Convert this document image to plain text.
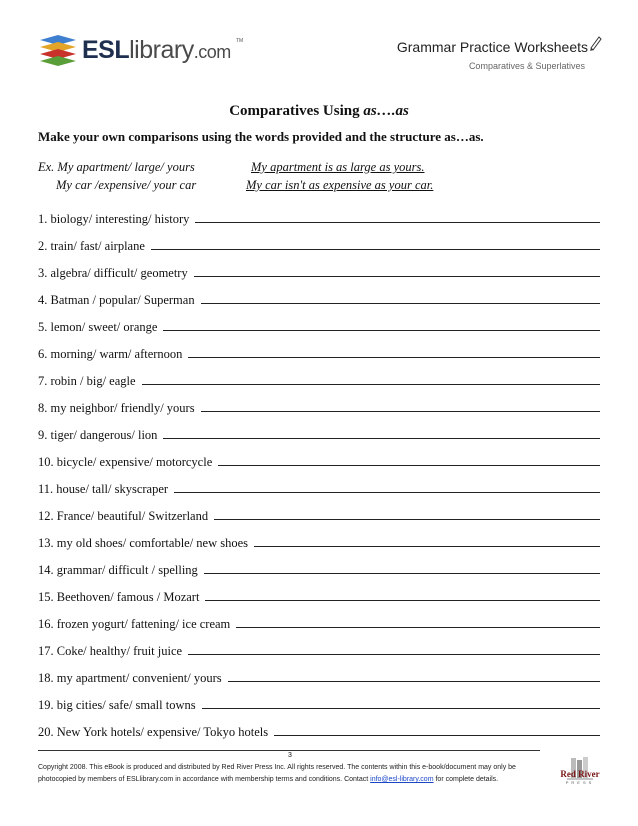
ESLlibrary.com
TM	Grammar Practice Worksheets
Comparatives & Superlatives
Comparatives Using as….as
Make your own comparisons using the words provided and the structure as…as.
Ex. My apartment/ large/ yours	My apartment is as large as yours.
My car /expensive/ your car	My car isn't as expensive as your car.
1. biology/ interesting/ history
2. train/ fast/ airplane
3. algebra/ difficult/ geometry
4. Batman / popular/ Superman
5. lemon/ sweet/ orange
6. morning/ warm/ afternoon
7. robin / big/ eagle
8. my neighbor/ friendly/ yours
9. tiger/ dangerous/ lion
10. bicycle/ expensive/ motorcycle
11. house/ tall/ skyscraper
12. France/ beautiful/ Switzerland
13. my old shoes/ comfortable/ new shoes
14. grammar/ difficult / spelling
15. Beethoven/ famous / Mozart
16. frozen yogurt/ fattening/ ice cream
17. Coke/ healthy/ fruit juice
18. my apartment/ convenient/ yours
19. big cities/ safe/ small towns
20. New York hotels/ expensive/ Tokyo hotels
3
Copyright 2008. This eBook is produced and distributed by Red River Press Inc. All rights reserved. The contents within this e-book/document may only be
photocopied by members of ESLlibrary.com in accordance with membership terms and conditions. Contact info@esl-library.com for complete details.
Red River
PRESS
